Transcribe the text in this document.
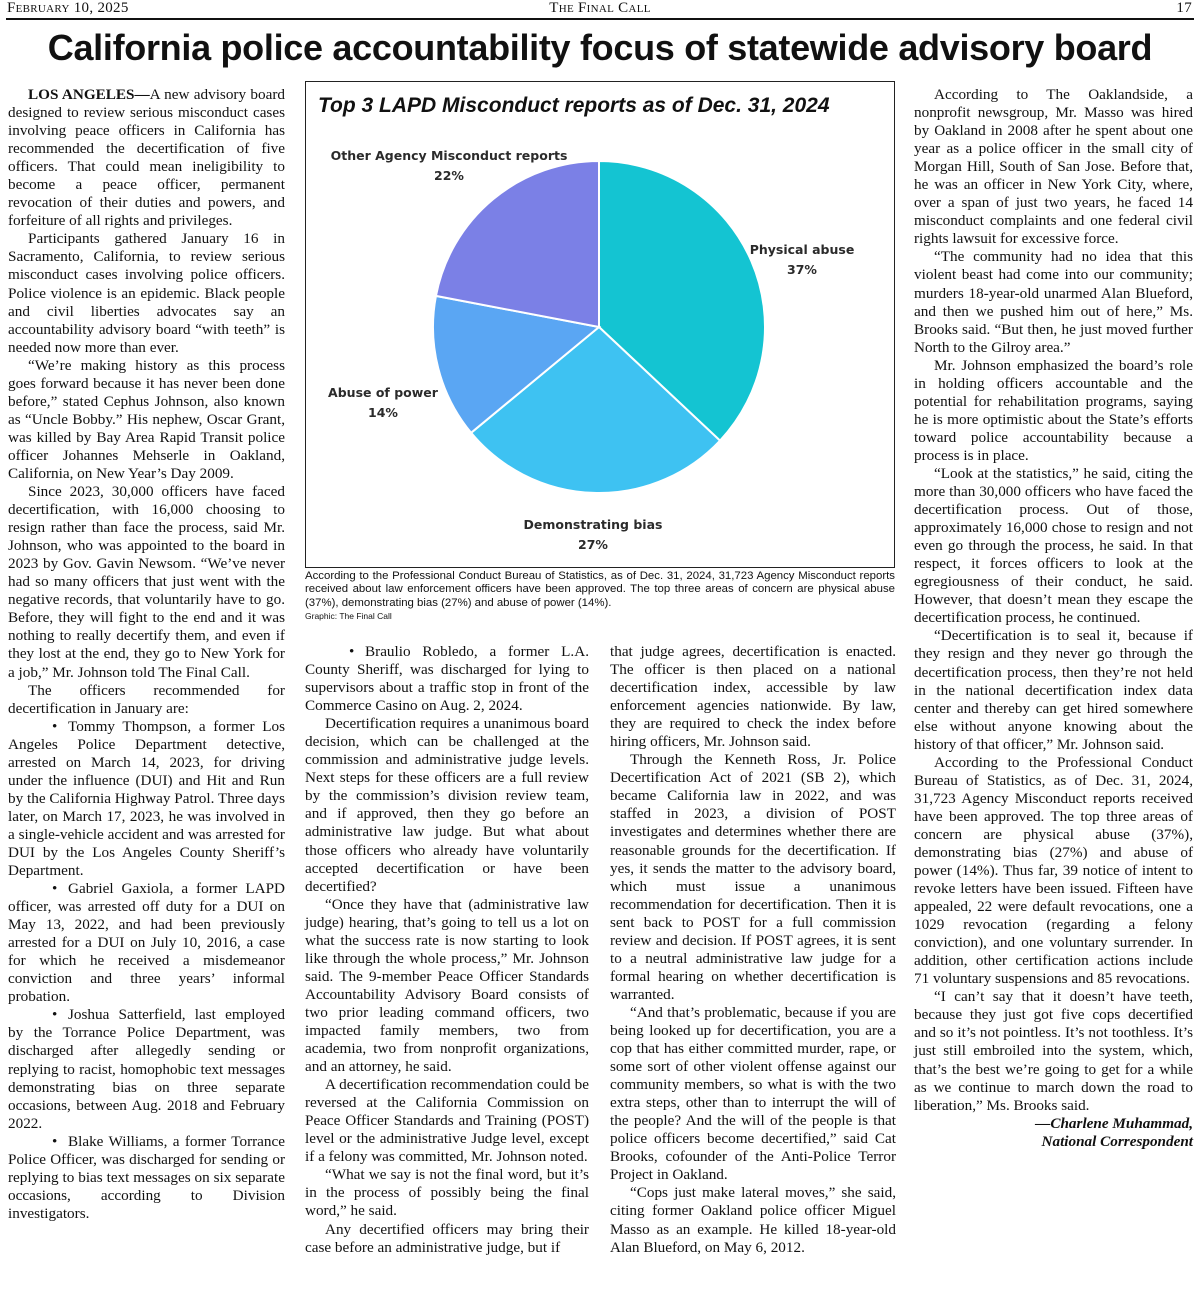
February 10, 2025	The Final Call	17
California police accountability focus of statewide advisory board

LOS ANGELES—A new advisory board designed to review serious misconduct cases involving peace officers in California has recommended the decertification of five officers. That could mean ineligibility to become a peace officer, permanent revocation of their duties and powers, and forfeiture of all rights and privileges.

Participants gathered January 16 in Sacramento, California, to review serious misconduct cases involving police officers. Police violence is an epidemic. Black people and civil liberties advocates say an accountability advisory board “with teeth” is needed now more than ever.

“We’re making history as this process goes forward because it has never been done before,” stated Cephus Johnson, also known as “Uncle Bobby.” His nephew, Oscar Grant, was killed by Bay Area Rapid Transit police officer Johannes Mehserle in Oakland, California, on New Year’s Day 2009.

Since 2023, 30,000 officers have faced decertification, with 16,000 choosing to resign rather than face the process, said Mr. Johnson, who was appointed to the board in 2023 by Gov. Gavin Newsom. “We’ve never had so many officers that just went with the negative records, that voluntarily have to go. Before, they will fight to the end and it was nothing to really decertify them, and even if they lost at the end, they go to New York for a job,” Mr. Johnson told The Final Call.

The officers recommended for decertification in January are:

• Tommy Thompson, a former Los Angeles Police Department detective, arrested on March 14, 2023, for driving under the influence (DUI) and Hit and Run by the California Highway Patrol. Three days later, on March 17, 2023, he was involved in a single-vehicle accident and was arrested for DUI by the Los Angeles County Sheriff’s Department.

• Gabriel Gaxiola, a former LAPD officer, was arrested off duty for a DUI on May 13, 2022, and had been previously arrested for a DUI on July 10, 2016, a case for which he received a misdemeanor conviction and three years’ informal probation.

• Joshua Satterfield, last employed by the Torrance Police Department, was discharged after allegedly sending or replying to racist, homophobic text messages demonstrating bias on three separate occasions, between Aug. 2018 and February 2022.

• Blake Williams, a former Torrance Police Officer, was discharged for sending or replying to bias text messages on six separate occasions, according to Division investigators.

Top 3 LAPD Misconduct reports as of Dec. 31, 2024
Physical abuse
37%
Demonstrating bias
27%
Abuse of power
14%
Other Agency Misconduct reports
22%
According to the Professional Conduct Bureau of Statistics, as of Dec. 31, 2024, 31,723 Agency Misconduct reports received about law enforcement officers have been approved. The top three areas of concern are physical abuse (37%), demonstrating bias (27%) and abuse of power (14%).
Graphic: The Final Call

• Braulio Robledo, a former L.A. County Sheriff, was discharged for lying to supervisors about a traffic stop in front of the Commerce Casino on Aug. 2, 2024.

Decertification requires a unanimous board decision, which can be challenged at the commission and administrative judge levels. Next steps for these officers are a full review by the commission’s division review team, and if approved, then they go before an administrative law judge. But what about those officers who already have voluntarily accepted decertification or have been decertified?

“Once they have that (administrative law judge) hearing, that’s going to tell us a lot on what the success rate is now starting to look like through the whole process,” Mr. Johnson said. The 9-member Peace Officer Standards Accountability Advisory Board consists of two prior leading command officers, two impacted family members, two from academia, two from nonprofit organizations, and an attorney, he said.

A decertification recommendation could be reversed at the California Commission on Peace Officer Standards and Training (POST) level or the administrative Judge level, except if a felony was committed, Mr. Johnson noted.

“What we say is not the final word, but it’s in the process of possibly being the final word,” he said.

Any decertified officers may bring their case before an administrative judge, but if

that judge agrees, decertification is enacted. The officer is then placed on a national decertification index, accessible by law enforcement agencies nationwide. By law, they are required to check the index before hiring officers, Mr. Johnson said.

Through the Kenneth Ross, Jr. Police Decertification Act of 2021 (SB 2), which became California law in 2022, and was staffed in 2023, a division of POST investigates and determines whether there are reasonable grounds for the decertification. If yes, it sends the matter to the advisory board, which must issue a unanimous recommendation for decertification. Then it is sent back to POST for a full commission review and decision. If POST agrees, it is sent to a neutral administrative law judge for a formal hearing on whether decertification is warranted.

“And that’s problematic, because if you are being looked up for decertification, you are a cop that has either committed murder, rape, or some sort of other violent offense against our community members, so what is with the two extra steps, other than to interrupt the will of the people? And the will of the people is that police officers become decertified,” said Cat Brooks, cofounder of the Anti-Police Terror Project in Oakland.

“Cops just make lateral moves,” she said, citing former Oakland police officer Miguel Masso as an example. He killed 18-year-old Alan Blueford, on May 6, 2012.

According to The Oaklandside, a nonprofit newsgroup, Mr. Masso was hired by Oakland in 2008 after he spent about one year as a police officer in the small city of Morgan Hill, South of San Jose. Before that, he was an officer in New York City, where, over a span of just two years, he faced 14 misconduct complaints and one federal civil rights lawsuit for excessive force.

“The community had no idea that this violent beast had come into our community; murders 18-year-old unarmed Alan Blueford, and then we pushed him out of here,” Ms. Brooks said. “But then, he just moved further North to the Gilroy area.”

Mr. Johnson emphasized the board’s role in holding officers accountable and the potential for rehabilitation programs, saying he is more optimistic about the State’s efforts toward police accountability because a process is in place.

“Look at the statistics,” he said, citing the more than 30,000 officers who have faced the decertification process. Out of those, approximately 16,000 chose to resign and not even go through the process, he said. In that respect, it forces officers to look at the egregiousness of their conduct, he said. However, that doesn’t mean they escape the decertification process, he continued.

“Decertification is to seal it, because if they resign and they never go through the decertification process, then they’re not held in the national decertification index data center and thereby can get hired somewhere else without anyone knowing about the history of that officer,” Mr. Johnson said.

According to the Professional Conduct Bureau of Statistics, as of Dec. 31, 2024, 31,723 Agency Misconduct reports received have been approved. The top three areas of concern are physical abuse (37%), demonstrating bias (27%) and abuse of power (14%). Thus far, 39 notice of intent to revoke letters have been issued. Fifteen have appealed, 22 were default revocations, one a 1029 revocation (regarding a felony conviction), and one voluntary surrender. In addition, other certification actions include 71 voluntary suspensions and 85 revocations.

“I can’t say that it doesn’t have teeth, because they just got five cops decertified and so it’s not pointless. It’s not toothless. It’s just still embroiled into the system, which, that’s the best we’re going to get for a while as we continue to march down the road to liberation,” Ms. Brooks said.

—Charlene Muhammad,

National Correspondent
